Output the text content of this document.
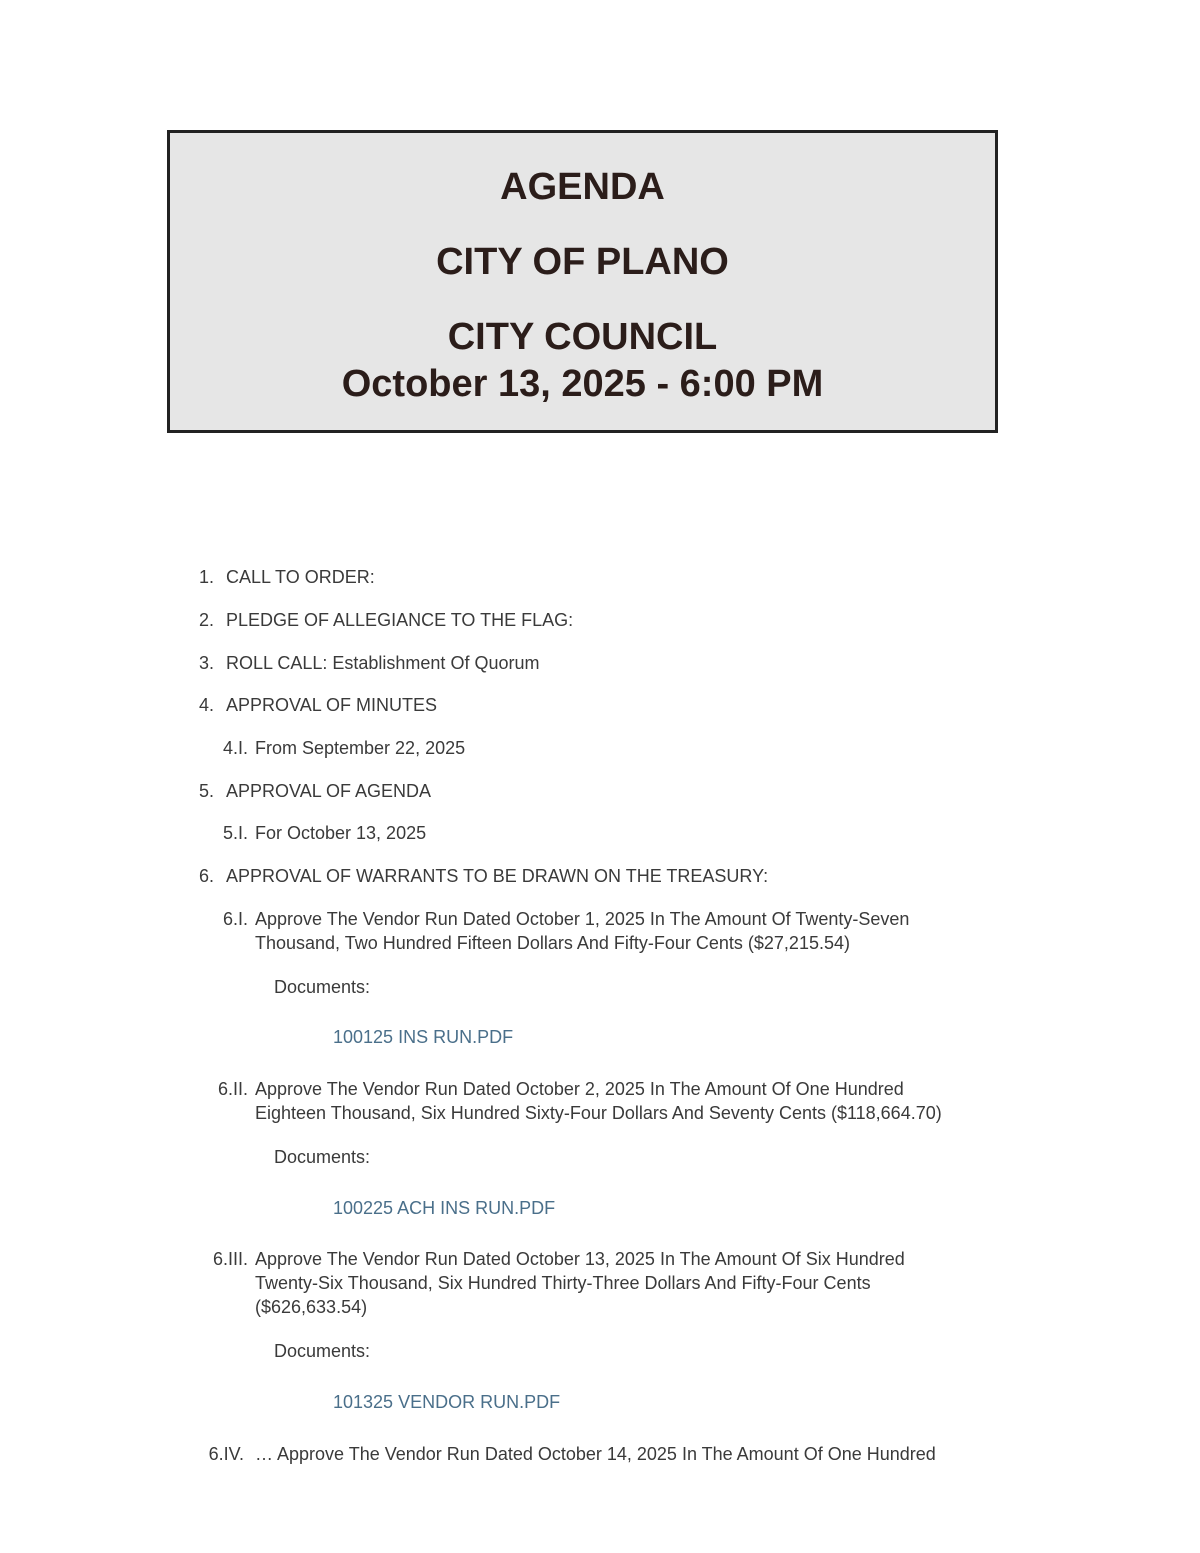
AGENDA
CITY OF PLANO
CITY COUNCIL
October 13, 2025 - 6:00 PM
1. CALL TO ORDER:
2. PLEDGE OF ALLEGIANCE TO THE FLAG:
3. ROLL CALL: Establishment Of Quorum
4. APPROVAL OF MINUTES
4.I. From September 22, 2025
5. APPROVAL OF AGENDA
5.I. For October 13, 2025
6. APPROVAL OF WARRANTS TO BE DRAWN ON THE TREASURY:
6.I. Approve The Vendor Run Dated October 1, 2025 In The Amount Of Twenty-Seven
Thousand, Two Hundred Fifteen Dollars And Fifty-Four Cents ($27,215.54)
Documents:
100125 INS RUN.PDF
6.II. Approve The Vendor Run Dated October 2, 2025 In The Amount Of One Hundred
Eighteen Thousand, Six Hundred Sixty-Four Dollars And Seventy Cents ($118,664.70)
Documents:
100225 ACH INS RUN.PDF
6.III. Approve The Vendor Run Dated October 13, 2025 In The Amount Of Six Hundred
Twenty-Six Thousand, Six Hundred Thirty-Three Dollars And Fifty-Four Cents
($626,633.54)
Documents:
101325 VENDOR RUN.PDF
6.IV. … Approve The Vendor Run Dated October 14, 2025 In The Amount Of One Hundred
